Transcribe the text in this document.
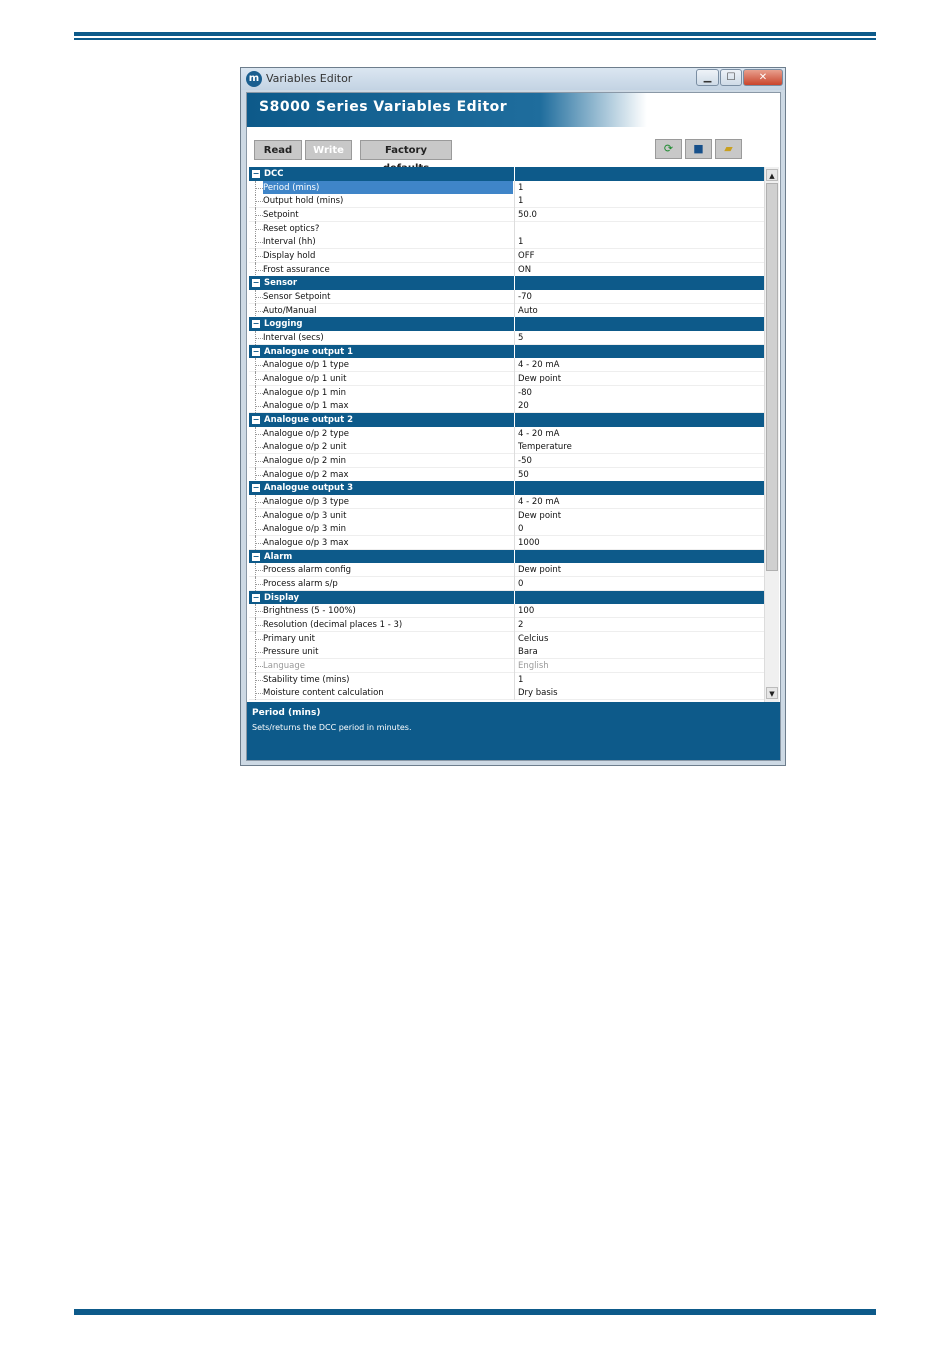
m Variables Editor	▁	☐	✕
S8000 Series Variables Editor
Read	Write	Factory	⟳	■	▰
− DCC
Period (mins)	1
Output hold (mins)	1
Setpoint	50.0
Reset optics?
Interval (hh)	1
Display hold	OFF
Frost assurance	ON
− Sensor
Sensor Setpoint	-70
Auto/Manual	Auto
− Logging
Interval (secs)	5
− Analogue output 1
Analogue o/p 1 type	4 - 20 mA
Analogue o/p 1 unit	Dew point
Analogue o/p 1 min	-80
Analogue o/p 1 max	20
− Analogue output 2
Analogue o/p 2 type	4 - 20 mA
Analogue o/p 2 unit	Temperature
Analogue o/p 2 min	-50
Analogue o/p 2 max	50
− Analogue output 3
Analogue o/p 3 type	4 - 20 mA
Analogue o/p 3 unit	Dew point
Analogue o/p 3 min	0
Analogue o/p 3 max	1000
− Alarm
Process alarm config	Dew point
Process alarm s/p	0
− Display
Brightness (5 - 100%)	100
Resolution (decimal places 1 - 3)	2
Primary unit	Celcius
Pressure unit	Bara
Language	English
Stability time (mins)	1
Moisture content calculation	Dry basis
▲
▼
Period (mins)
Sets/returns the DCC period in minutes.
